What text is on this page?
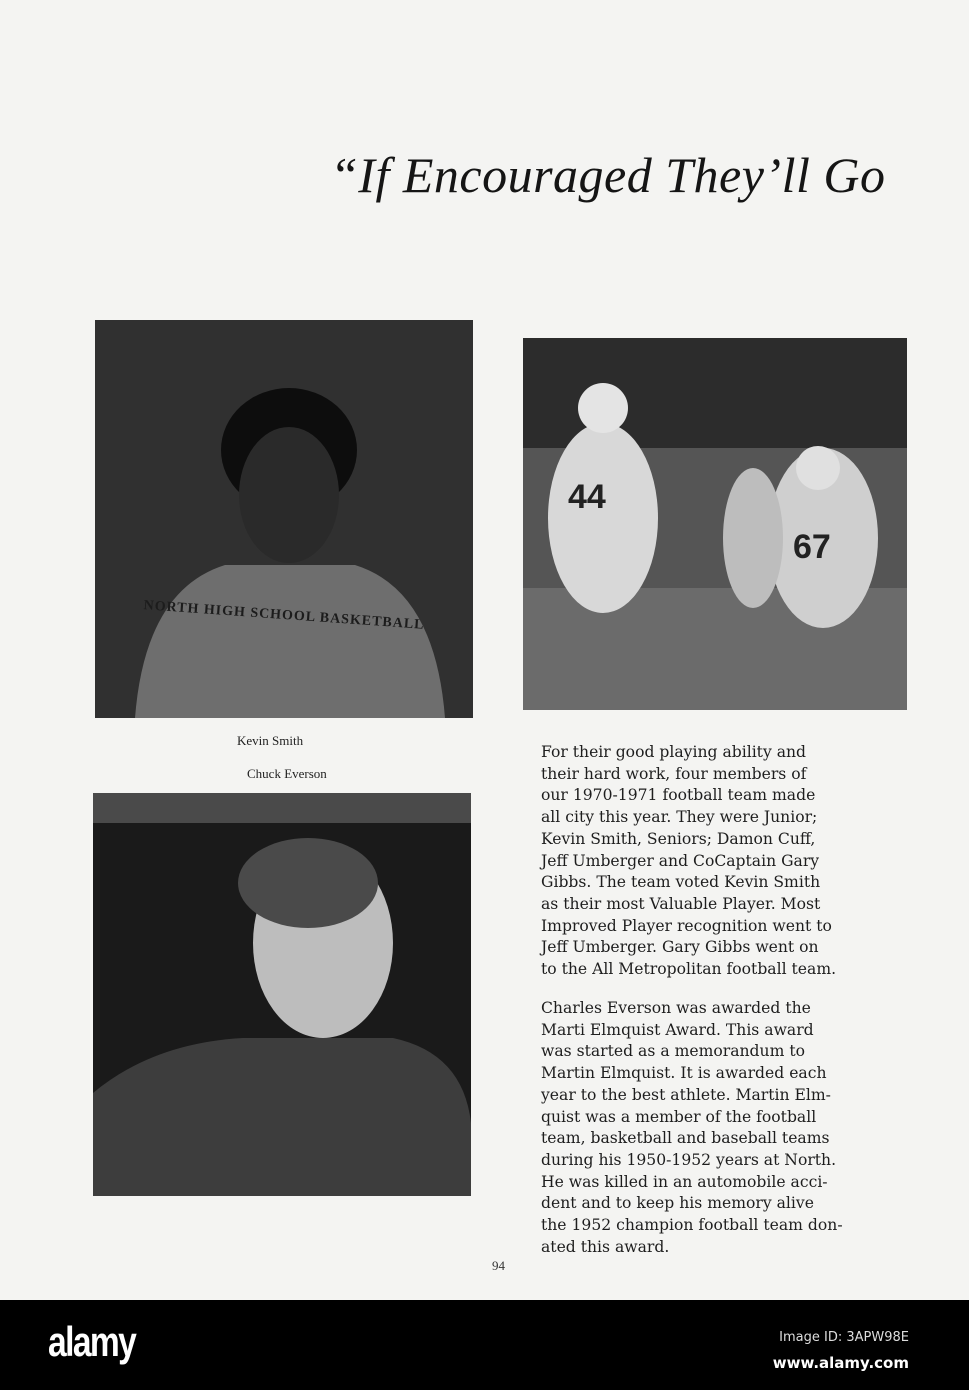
“If Encouraged They’ll Go
NORTH HIGH SCHOOL BASKETBALL
44
67
Kevin Smith
Chuck Everson

For their good playing ability and
their hard work, four members of
our 1970-1971 football team made
all city this year. They were Junior;
Kevin Smith, Seniors; Damon Cuff,
Jeff Umberger and CoCaptain Gary
Gibbs. The team voted Kevin Smith
as their most Valuable Player. Most
Improved Player recognition went to
Jeff Umberger. Gary Gibbs went on
to the All Metropolitan football team.

Charles Everson was awarded the
Marti Elmquist Award. This award
was started as a memorandum to
Martin Elmquist. It is awarded each
year to the best athlete. Martin Elm-
quist was a member of the football
team, basketball and baseball teams
during his 1950-1952 years at North.
He was killed in an automobile acci-
dent and to keep his memory alive
the 1952 champion football team don-
ated this award.

94
alamy	Image ID: 3APW98E
www.alamy.com
